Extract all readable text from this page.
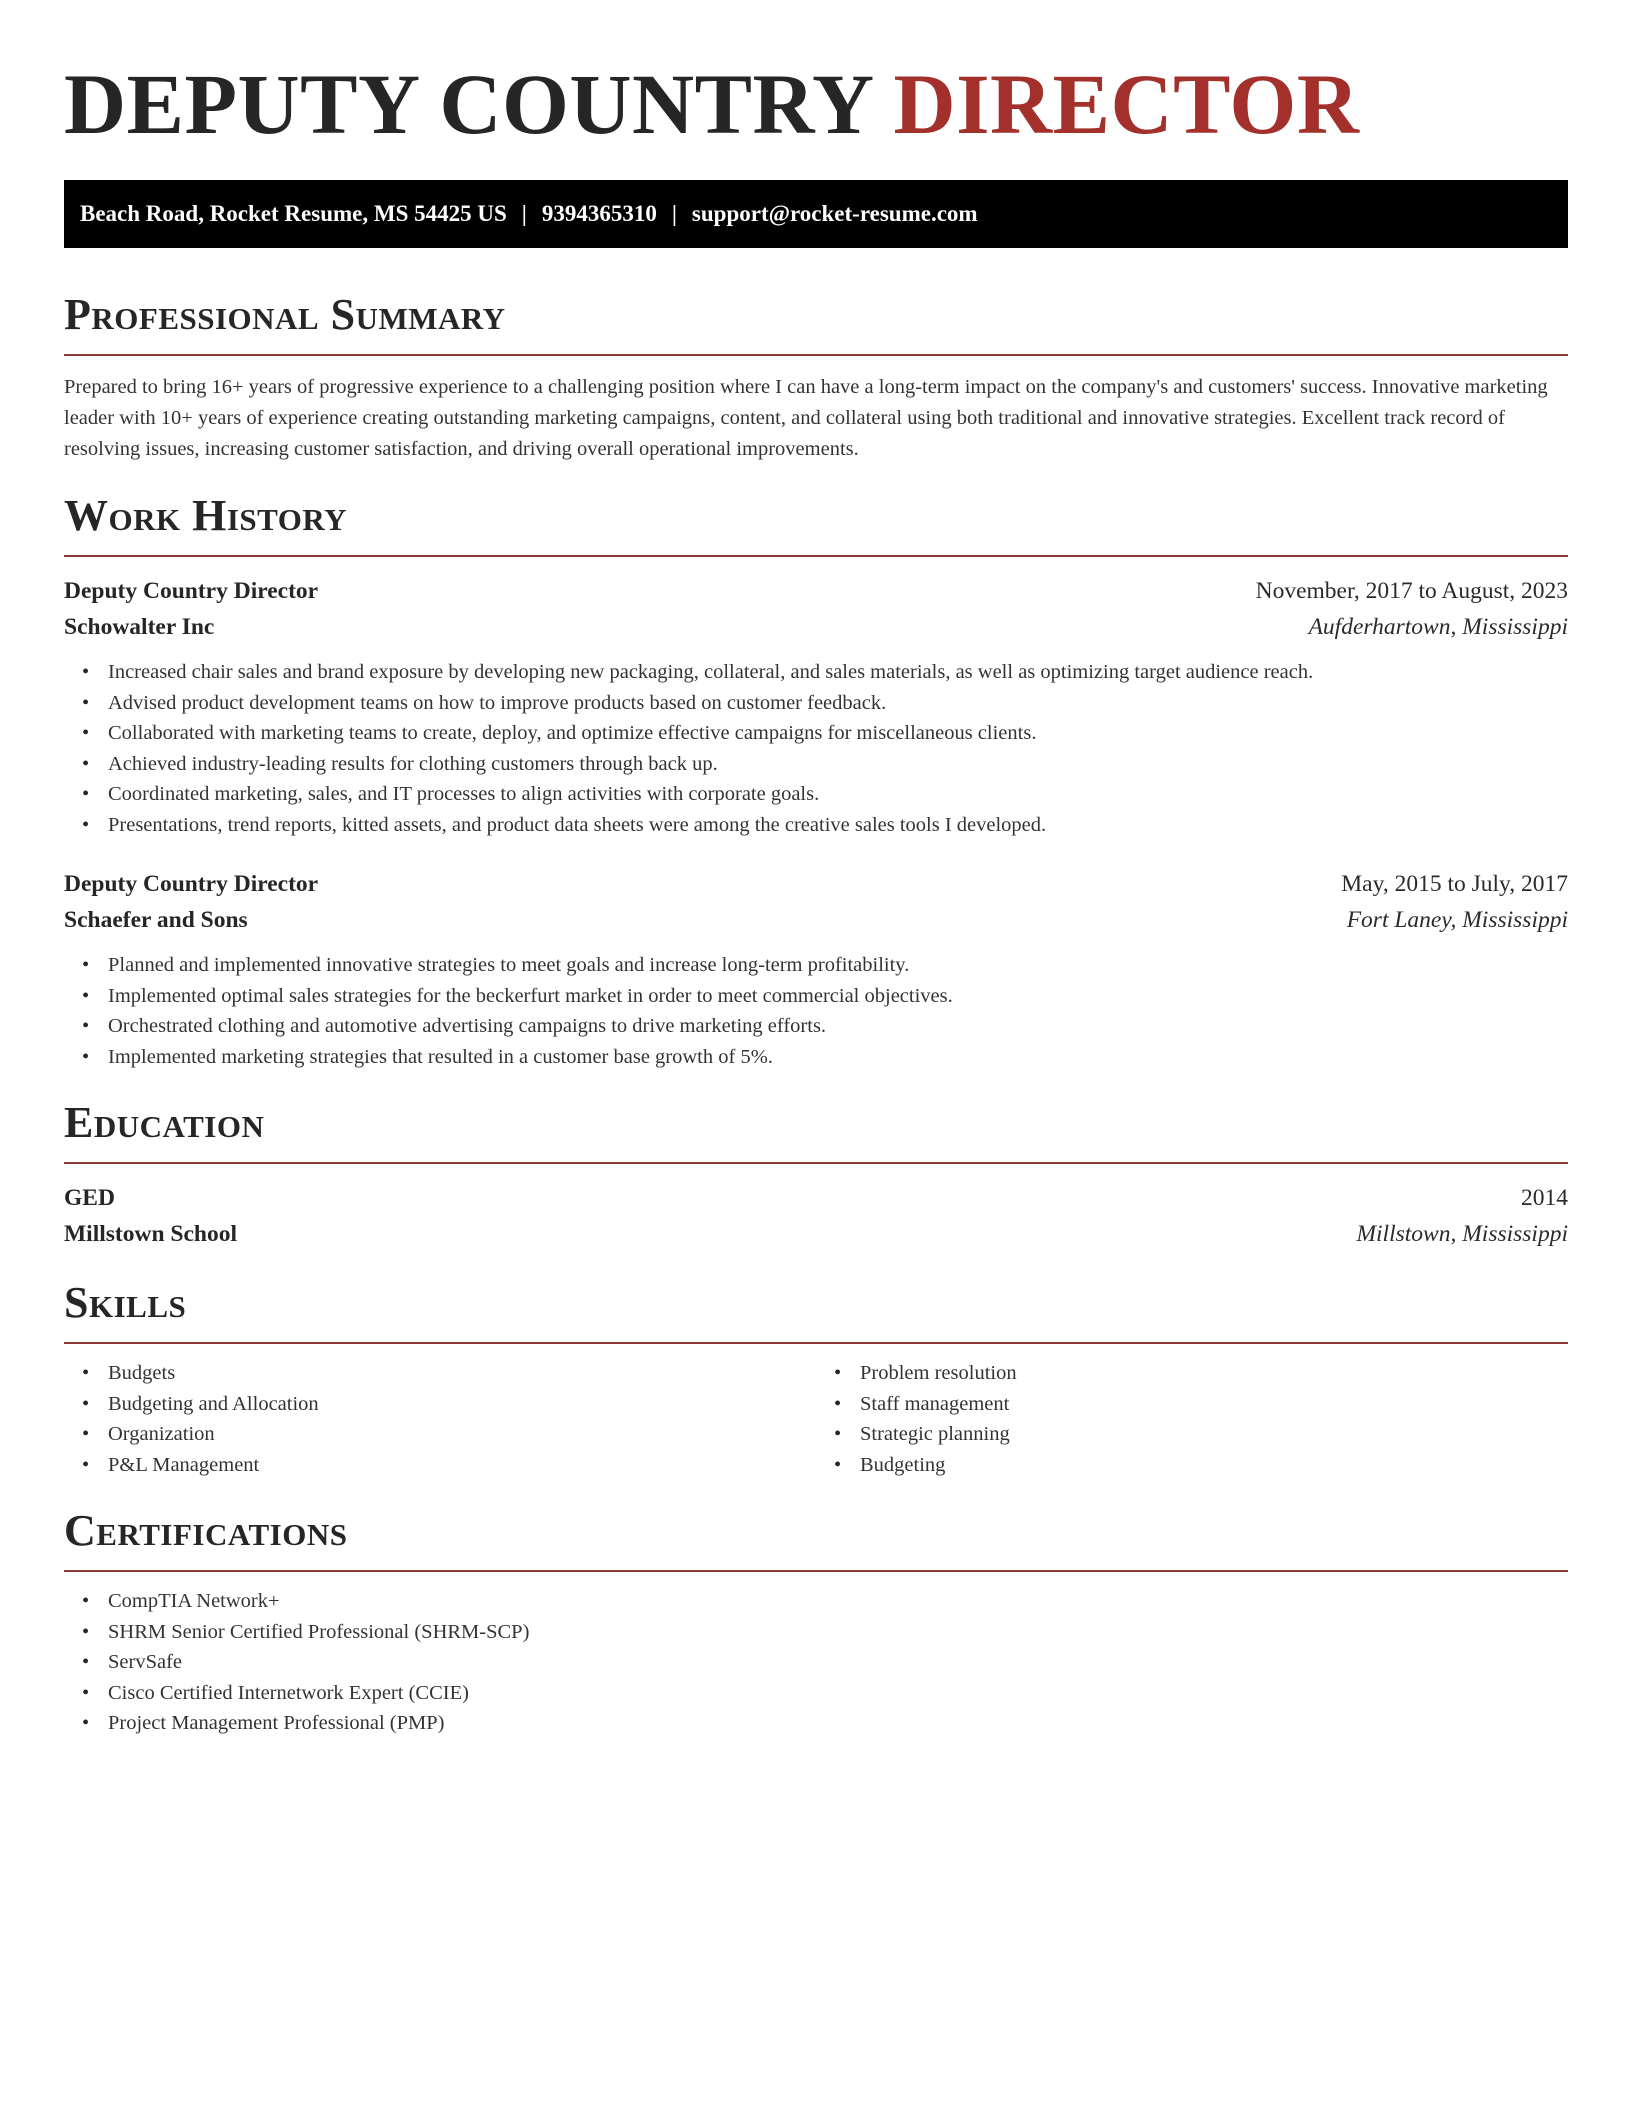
DEPUTY COUNTRY DIRECTOR
Beach Road, Rocket Resume, MS 54425 US | 9394365310 | support@rocket-resume.com
Professional Summary

Prepared to bring 16+ years of progressive experience to a challenging position where I can have a long-term impact on the company's and customers' success. Innovative marketing leader with 10+ years of experience creating outstanding marketing campaigns, content, and collateral using both traditional and innovative strategies. Excellent track record of resolving issues, increasing customer satisfaction, and driving overall operational improvements.

Work History
Deputy Country Director	November, 2017 to August, 2023
Schowalter Inc	Aufderhartown, Mississippi
• Increased chair sales and brand exposure by developing new packaging, collateral, and sales materials, as well as optimizing target audience reach.
• Advised product development teams on how to improve products based on customer feedback.
• Collaborated with marketing teams to create, deploy, and optimize effective campaigns for miscellaneous clients.
• Achieved industry-leading results for clothing customers through back up.
• Coordinated marketing, sales, and IT processes to align activities with corporate goals.
• Presentations, trend reports, kitted assets, and product data sheets were among the creative sales tools I developed.
Deputy Country Director	May, 2015 to July, 2017
Schaefer and Sons	Fort Laney, Mississippi
• Planned and implemented innovative strategies to meet goals and increase long-term profitability.
• Implemented optimal sales strategies for the beckerfurt market in order to meet commercial objectives.
• Orchestrated clothing and automotive advertising campaigns to drive marketing efforts.
• Implemented marketing strategies that resulted in a customer base growth of 5%.
Education
GED	2014
Millstown School	Millstown, Mississippi
Skills
• Budgets
• Budgeting and Allocation
• Organization
• P&L Management
• Problem resolution
• Staff management
• Strategic planning
• Budgeting
Certifications
• CompTIA Network+
• SHRM Senior Certified Professional (SHRM-SCP)
• ServSafe
• Cisco Certified Internetwork Expert (CCIE)
• Project Management Professional (PMP)
